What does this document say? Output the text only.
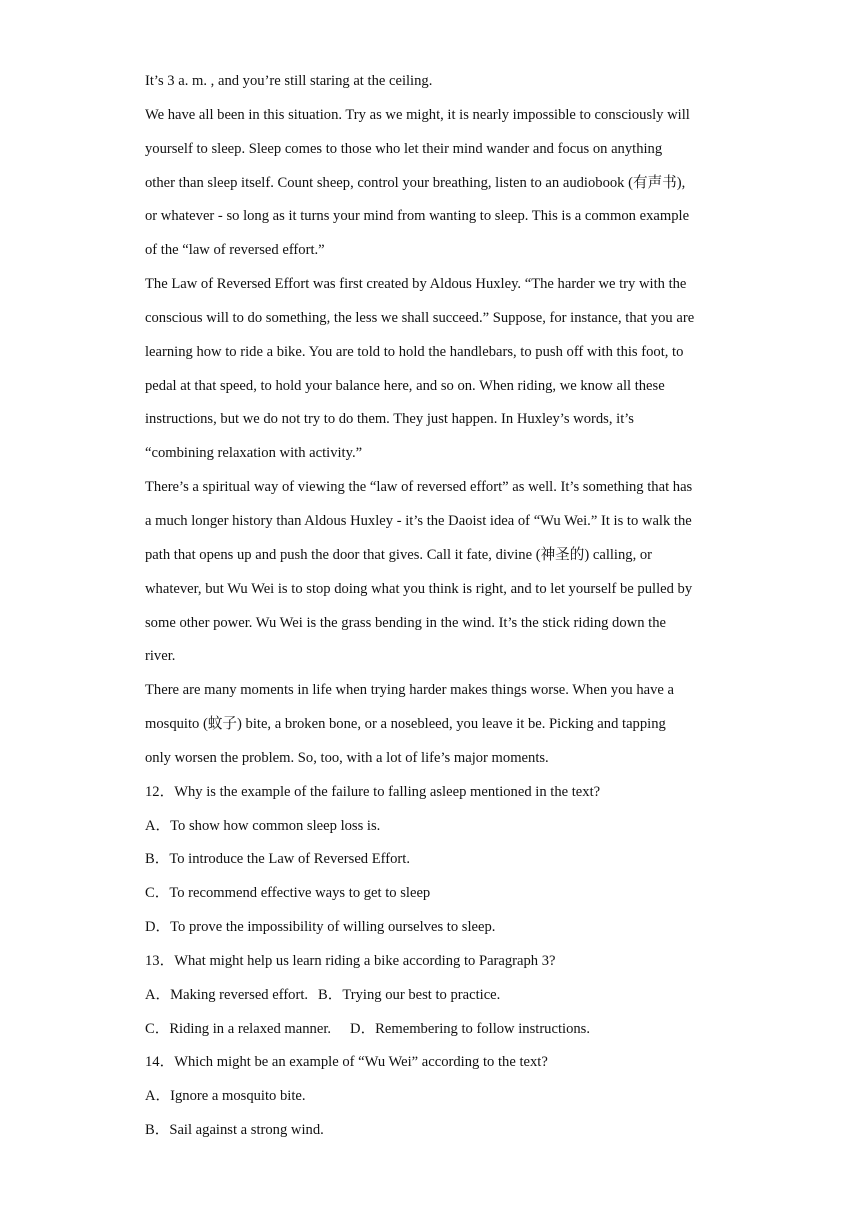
It’s 3 a. m. , and you’re still staring at the ceiling.
We have all been in this situation. Try as we might, it is nearly impossible to consciously will
yourself to sleep. Sleep comes to those who let their mind wander and focus on anything
other than sleep itself. Count sheep, control your breathing, listen to an audiobook (有声书),
or whatever - so long as it turns your mind from wanting to sleep. This is a common example
of the “law of reversed effort.”
The Law of Reversed Effort was first created by Aldous Huxley. “The harder we try with the
conscious will to do something, the less we shall succeed.” Suppose, for instance, that you are
learning how to ride a bike. You are told to hold the handlebars, to push off with this foot, to
pedal at that speed, to hold your balance here, and so on. When riding, we know all these
instructions, but we do not try to do them. They just happen. In Huxley’s words, it’s
“combining relaxation with activity.”
There’s a spiritual way of viewing the “law of reversed effort” as well. It’s something that has
a much longer history than Aldous Huxley - it’s the Daoist idea of “Wu Wei.” It is to walk the
path that opens up and push the door that gives. Call it fate, divine (神圣的) calling, or
whatever, but Wu Wei is to stop doing what you think is right, and to let yourself be pulled by
some other power. Wu Wei is the grass bending in the wind. It’s the stick riding down the
river.
There are many moments in life when trying harder makes things worse. When you have a
mosquito (蚊子) bite, a broken bone, or a nosebleed, you leave it be. Picking and tapping
only worsen the problem. So, too, with a lot of life’s major moments.
12．Why is the example of the failure to falling asleep mentioned in the text?
A．To show how common sleep loss is.
B．To introduce the Law of Reversed Effort.
C．To recommend effective ways to get to sleep
D．To prove the impossibility of willing ourselves to sleep.
13．What might help us learn riding a bike according to Paragraph 3?
A．Making reversed effort. B．Trying our best to practice.
C．Riding in a relaxed manner. D．Remembering to follow instructions.
14．Which might be an example of “Wu Wei” according to the text?
A．Ignore a mosquito bite.
B．Sail against a strong wind.
